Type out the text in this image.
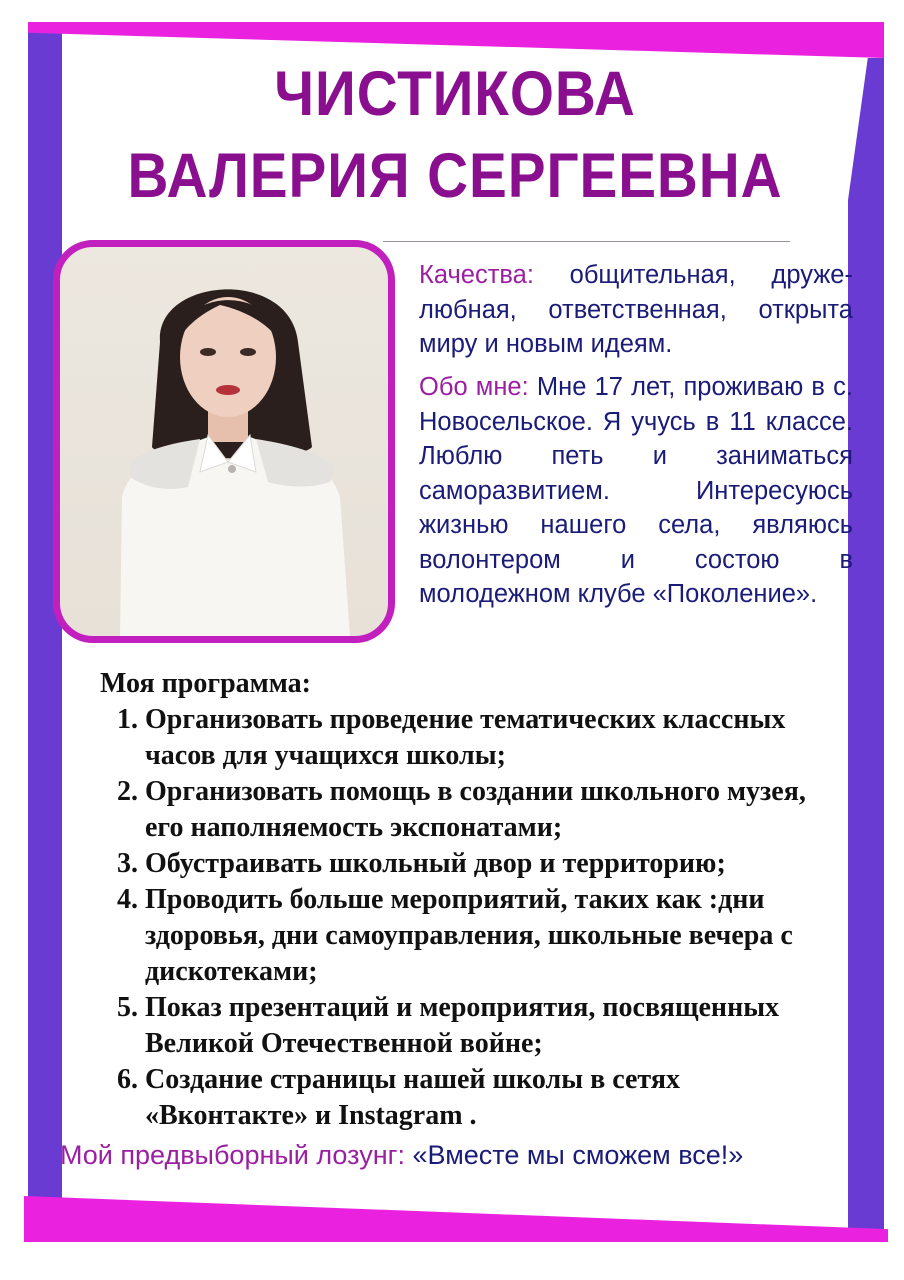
ЧИСТИКОВА
ВАЛЕРИЯ СЕРГЕЕВНА
Качества: общительная, дружелюбная, ответственная, открыта миру и новым идеям.
Обо мне: Мне 17 лет, проживаю в с. Новосельское. Я учусь в 11 классе. Люблю петь и заниматься саморазвитием. Интересуюсь жизнью нашего села, являюсь волонтером и состою в молодежном клубе «Поколение».
Моя программа:
1. Организовать проведение тематических классных часов для учащихся школы;
2. Организовать помощь в создании школьного музея, его наполняемость экспонатами;
3. Обустраивать школьный двор и территорию;
4. Проводить больше мероприятий, таких как :дни здоровья, дни самоуправления, школьные вечера с дискотеками;
5. Показ презентаций и мероприятия, посвященных Великой Отечественной войне;
6. Создание страницы нашей школы в сетях «Вконтакте» и Instagram .
Мой предвыборный лозунг: «Вместе мы сможем все!»
